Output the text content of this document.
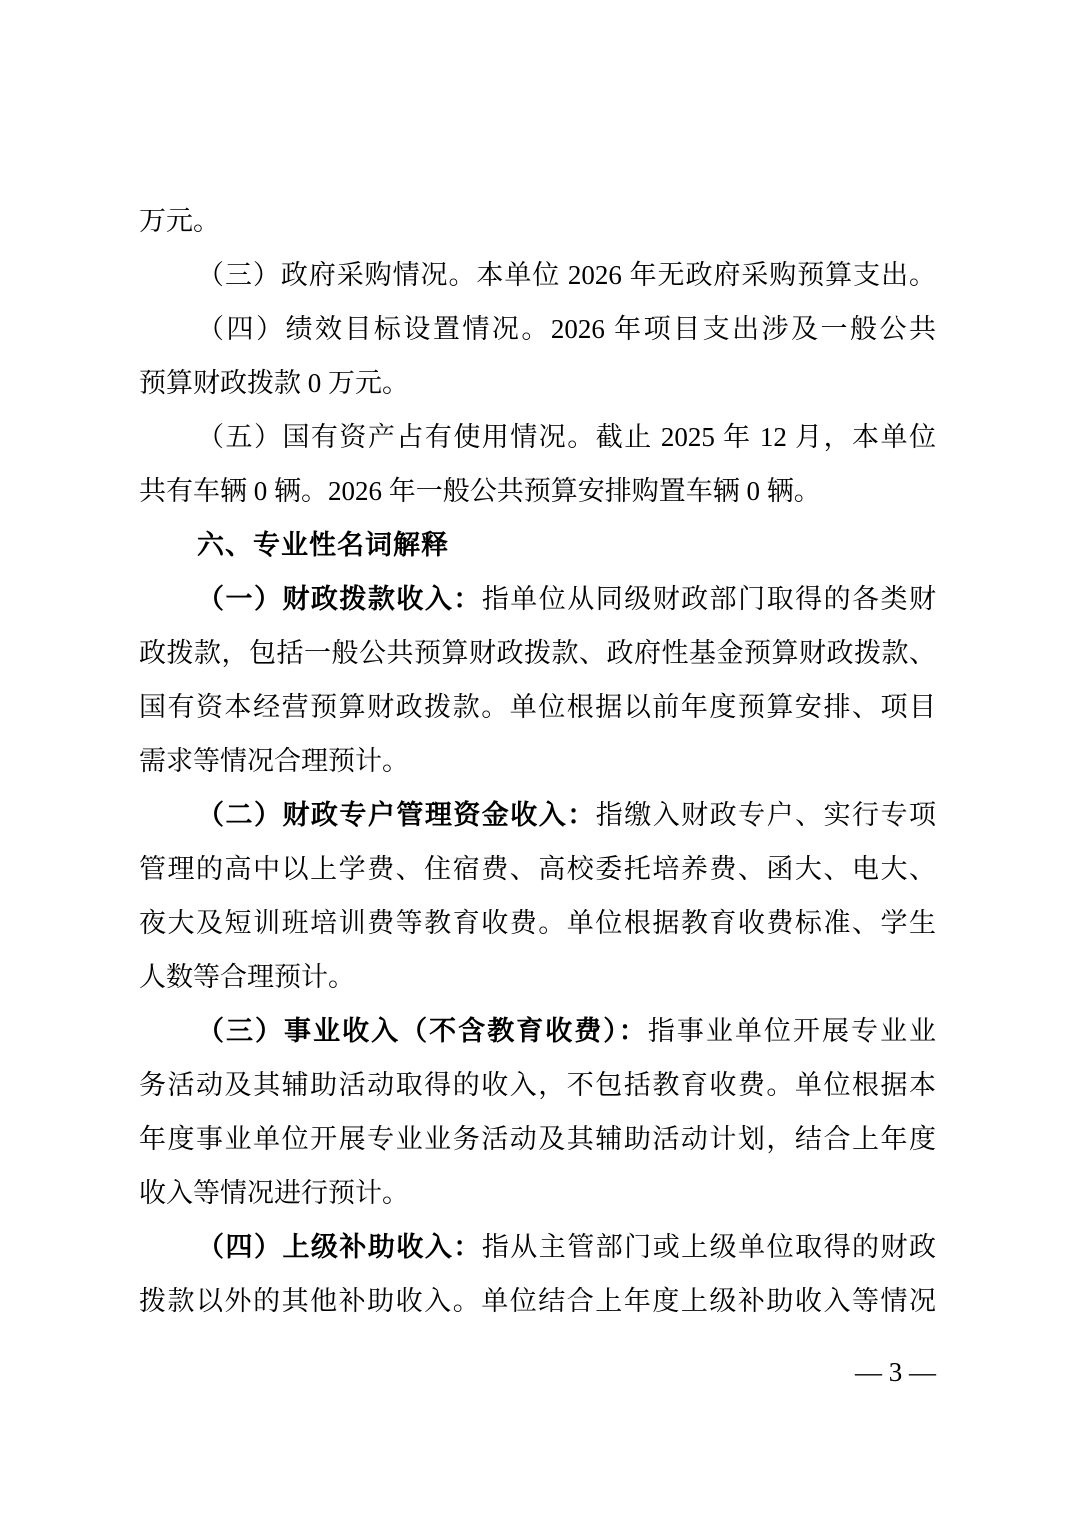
万元。
（三）政府采购情况。本单位 2026 年无政府采购预算支出。
（四）绩效目标设置情况。2026 年项目支出涉及一般公共
预算财政拨款 0 万元。
（五）国有资产占有使用情况。截止 2025 年 12 月，本单位
共有车辆 0 辆。2026 年一般公共预算安排购置车辆 0 辆。
六、专业性名词解释
（一）财政拨款收入：指单位从同级财政部门取得的各类财
政拨款，包括一般公共预算财政拨款、政府性基金预算财政拨款、
国有资本经营预算财政拨款。单位根据以前年度预算安排、项目
需求等情况合理预计。
（二）财政专户管理资金收入：指缴入财政专户、实行专项
管理的高中以上学费、住宿费、高校委托培养费、函大、电大、
夜大及短训班培训费等教育收费。单位根据教育收费标准、学生
人数等合理预计。
（三）事业收入（不含教育收费）：指事业单位开展专业业
务活动及其辅助活动取得的收入，不包括教育收费。单位根据本
年度事业单位开展专业业务活动及其辅助活动计划，结合上年度
收入等情况进行预计。
（四）上级补助收入：指从主管部门或上级单位取得的财政
拨款以外的其他补助收入。单位结合上年度上级补助收入等情况
— 3 —
